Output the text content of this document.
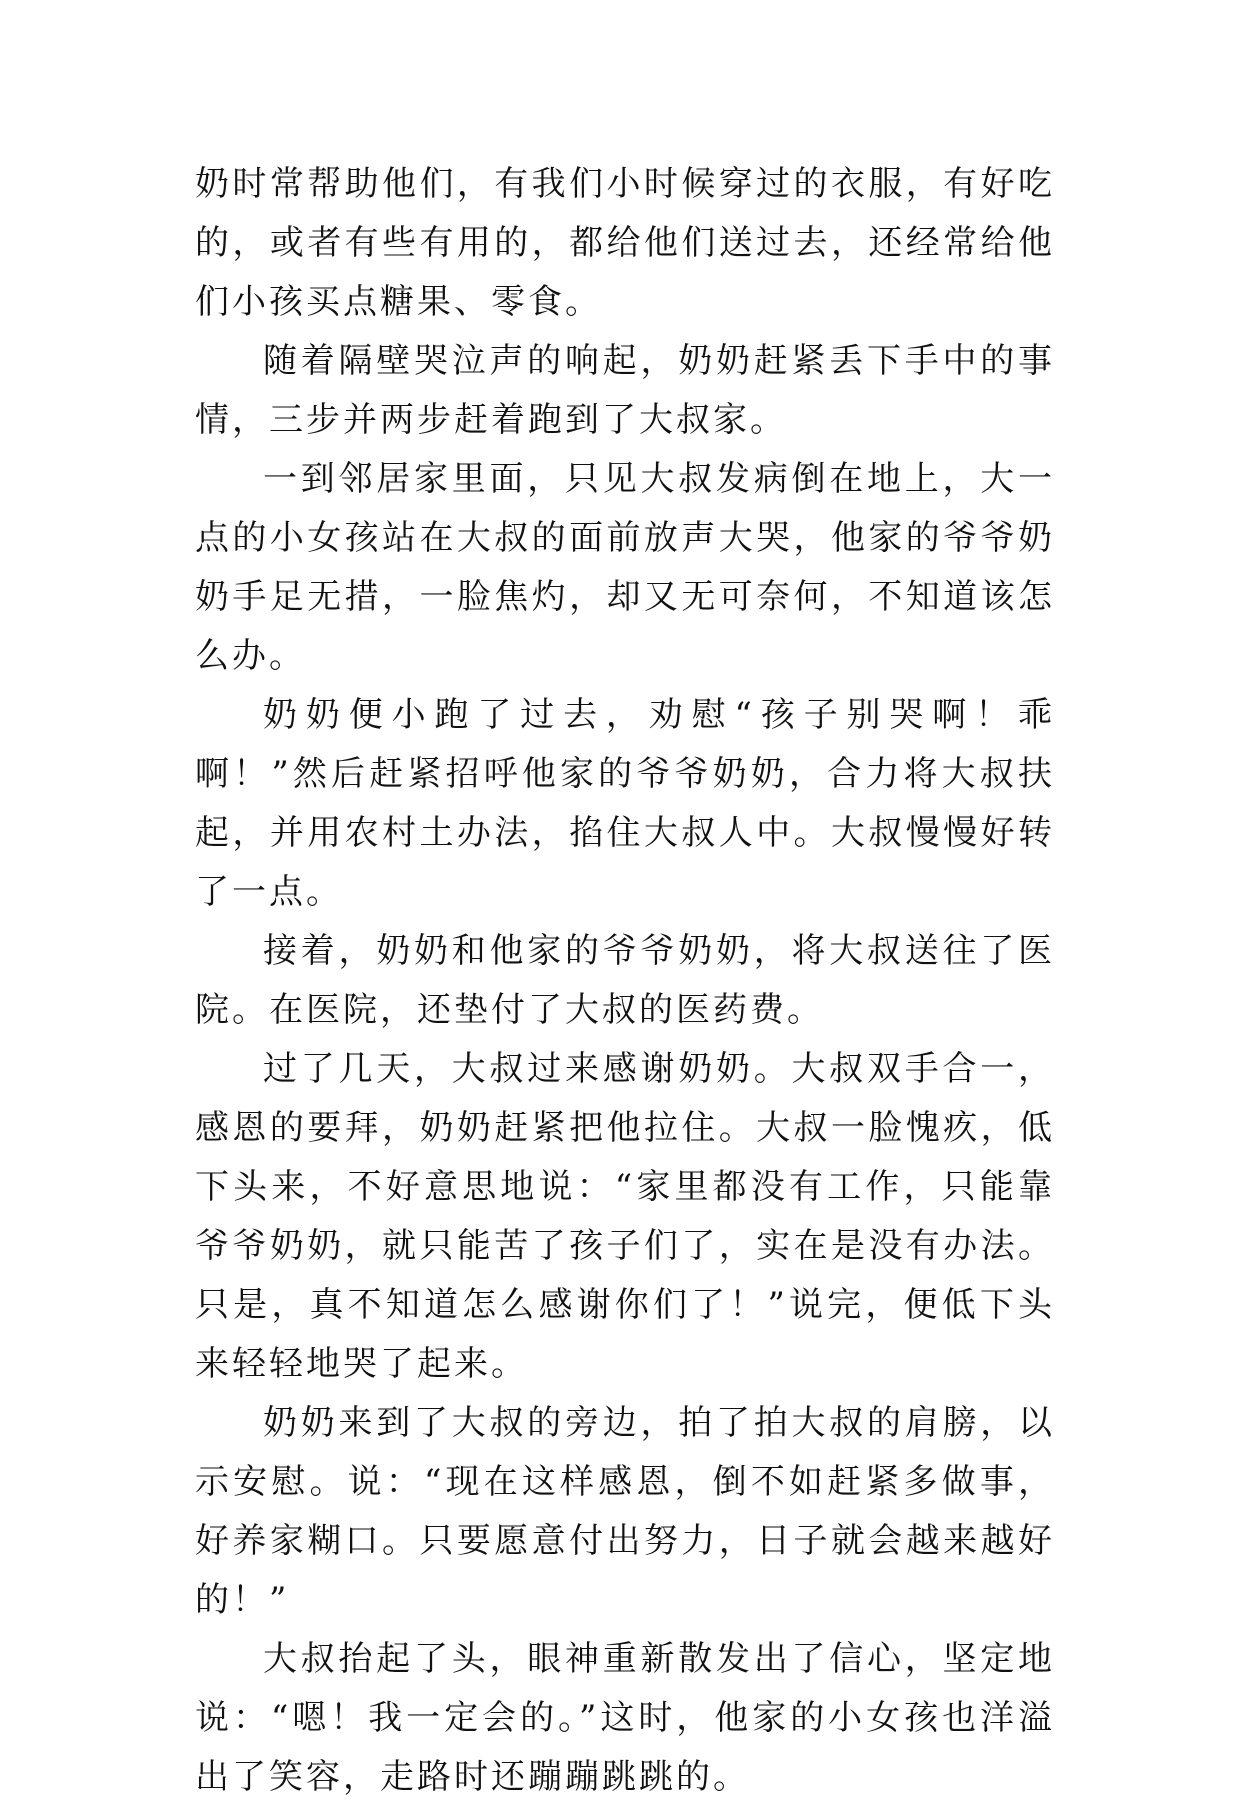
奶时常帮助他们，有我们小时候穿过的衣服，有好吃的，或者有些有用的，都给他们送过去，还经常给他们小孩买点糖果、零食。

随着隔壁哭泣声的响起，奶奶赶紧丢下手中的事情，三步并两步赶着跑到了大叔家。

一到邻居家里面，只见大叔发病倒在地上，大一点的小女孩站在大叔的面前放声大哭，他家的爷爷奶奶手足无措，一脸焦灼，却又无可奈何，不知道该怎么办。

奶奶便小跑了过去，劝慰“孩子别哭啊！乖啊！”然后赶紧招呼他家的爷爷奶奶，合力将大叔扶起，并用农村土办法，掐住大叔人中。大叔慢慢好转了一点。

接着，奶奶和他家的爷爷奶奶，将大叔送往了医院。在医院，还垫付了大叔的医药费。

过了几天，大叔过来感谢奶奶。大叔双手合一，感恩的要拜，奶奶赶紧把他拉住。大叔一脸愧疚，低下头来，不好意思地说：“家里都没有工作，只能靠爷爷奶奶，就只能苦了孩子们了，实在是没有办法。只是，真不知道怎么感谢你们了！”说完，便低下头来轻轻地哭了起来。

奶奶来到了大叔的旁边，拍了拍大叔的肩膀，以示安慰。说：“现在这样感恩，倒不如赶紧多做事，好养家糊口。只要愿意付出努力，日子就会越来越好的！”

大叔抬起了头，眼神重新散发出了信心，坚定地说：“嗯！我一定会的。”这时，他家的小女孩也洋溢出了笑容，走路时还蹦蹦跳跳的。
